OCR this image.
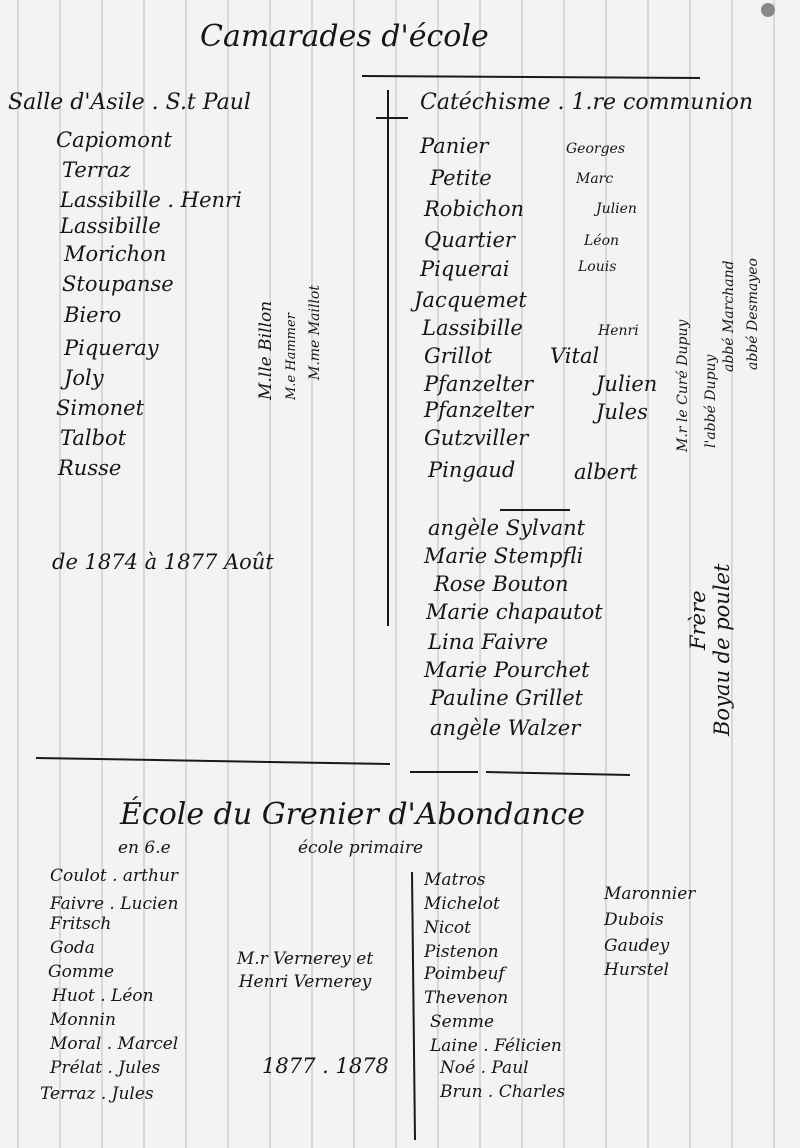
Camarades d'école
Salle d'Asile . S.t Paul
Capiomont
Terraz
Lassibille . Henri
Lassibille
Morichon
Stoupanse
Biero
Piqueray
Joly
Simonet
Talbot
Russe
M.lle Billon M.e Hammer M.me Maillot
de 1874 à 1877 Août
Catéchisme . 1.re communion
Panier	Georges
Petite	Marc
Robichon	Julien
Quartier	Léon
Piquerai	Louis
Jacquemet
Lassibille	Henri
Grillot	Vital
Pfanzelter	Julien
Pfanzelter	Jules
Gutzviller
Pingaud	albert
angèle Sylvant
Marie Stempfli
Rose Bouton
Marie chapautot
Lina Faivre
Marie Pourchet
Pauline Grillet
angèle Walzer
M.r le Curé Dupuy l'abbé Dupuy
abbé Marchand abbé Desmayeo
Frère Boyau de poulet
École du Grenier d'Abondance
en 6.e	école primaire
Coulot . arthur
Faivre . Lucien
Fritsch
Goda
Gomme
Huot . Léon
Monnin
Moral . Marcel
Prélat . Jules
Terraz . Jules
M.r Vernerey et Henri Vernerey
1877 . 1878
Matros
Michelot
Nicot
Pistenon
Poimbeuf
Thevenon
Semme
Laine . Félicien
Noé . Paul
Brun . Charles
Maronnier
Dubois
Gaudey
Hurstel
